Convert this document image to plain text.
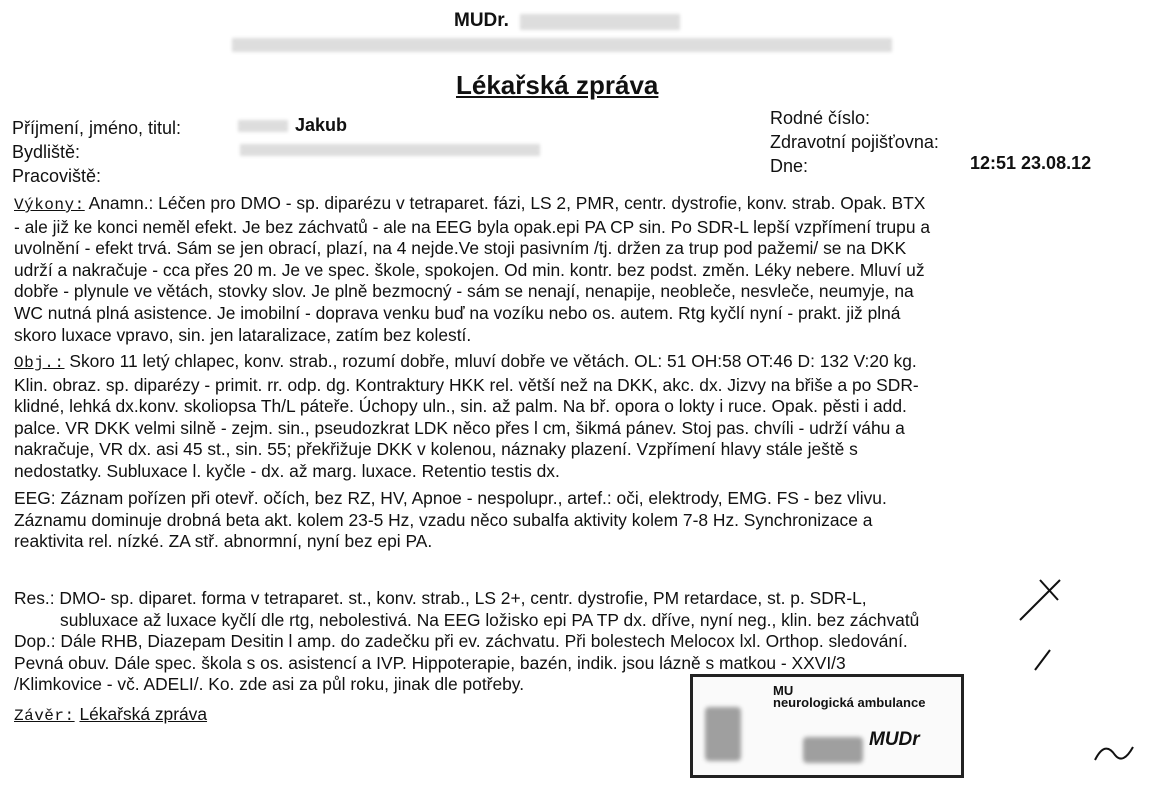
MUDr.
Lékařská zpráva
Příjmení, jméno, titul:	Jakub
Bydliště:
Pracoviště:
Rodné číslo:
Zdravotní pojišťovna:
Dne:	12:51 23.08.12
Výkony: Anamn.: Léčen pro DMO - sp. diparézu v tetraparet. fázi, LS 2, PMR, centr. dystrofie, konv. strab. Opak. BTX
- ale již ke konci neměl efekt. Je bez záchvatů - ale na EEG byla opak.epi PA CP sin. Po SDR-L lepší vzpřímení trupu a
uvolnění - efekt trvá. Sám se jen obrací, plazí, na 4 nejde.Ve stoji pasivním /tj. držen za trup pod pažemi/ se na DKK
udrží a nakračuje - cca přes 20 m. Je ve spec. škole, spokojen. Od min. kontr. bez podst. změn. Léky nebere. Mluví už
dobře - plynule ve větách, stovky slov. Je plně bezmocný - sám se nenají, nenapije, neobleče, nesvleče, neumyje, na
WC nutná plná asistence. Je imobilní - doprava venku buď na vozíku nebo os. autem. Rtg kyčlí nyní - prakt. již plná
skoro luxace vpravo, sin. jen lataralizace, zatím bez kolestí.
Obj.: Skoro 11 letý chlapec, konv. strab., rozumí dobře, mluví dobře ve větách. OL: 51 OH:58 OT:46 D: 132 V:20 kg.
Klin. obraz. sp. diparézy - primit. rr. odp. dg. Kontraktury HKK rel. větší než na DKK, akc. dx. Jizvy na břiše a po SDR-
klidné, lehká dx.konv. skoliopsa Th/L páteře. Úchopy uln., sin. až palm. Na bř. opora o lokty i ruce. Opak. pěsti i add.
palce. VR DKK velmi silně - zejm. sin., pseudozkrat LDK něco přes l cm, šikmá pánev. Stoj pas. chvíli - udrží váhu a
nakračuje, VR dx. asi 45 st., sin. 55; překřižuje DKK v kolenou, náznaky plazení. Vzpřímení hlavy stále ještě s
nedostatky. Subluxace l. kyčle - dx. až marg. luxace. Retentio testis dx.
EEG: Záznam pořízen při otevř. očích, bez RZ, HV, Apnoe - nespolupr., artef.: oči, elektrody, EMG. FS - bez vlivu.
Záznamu dominuje drobná beta akt. kolem 23-5 Hz, vzadu něco subalfa aktivity kolem 7-8 Hz. Synchronizace a
reaktivita rel. nízké. ZA stř. abnormní, nyní bez epi PA.
Res.: DMO- sp. diparet. forma v tetraparet. st., konv. strab., LS 2+, centr. dystrofie, PM retardace, st. p. SDR-L,
subluxace až luxace kyčlí dle rtg, nebolestivá. Na EEG ložisko epi PA TP dx. dříve, nyní neg., klin. bez záchvatů
Dop.: Dále RHB, Diazepam Desitin l amp. do zadečku při ev. záchvatu. Při bolestech Melocox lxl. Orthop. sledování.
Pevná obuv. Dále spec. škola s os. asistencí a IVP. Hippoterapie, bazén, indik. jsou lázně s matkou - XXVI/3
/Klimkovice - vč. ADELI/. Ko. zde asi za půl roku, jinak dle potřeby.
Závěr: Lékařská zpráva
MU
neurologická ambulance
MUDr
